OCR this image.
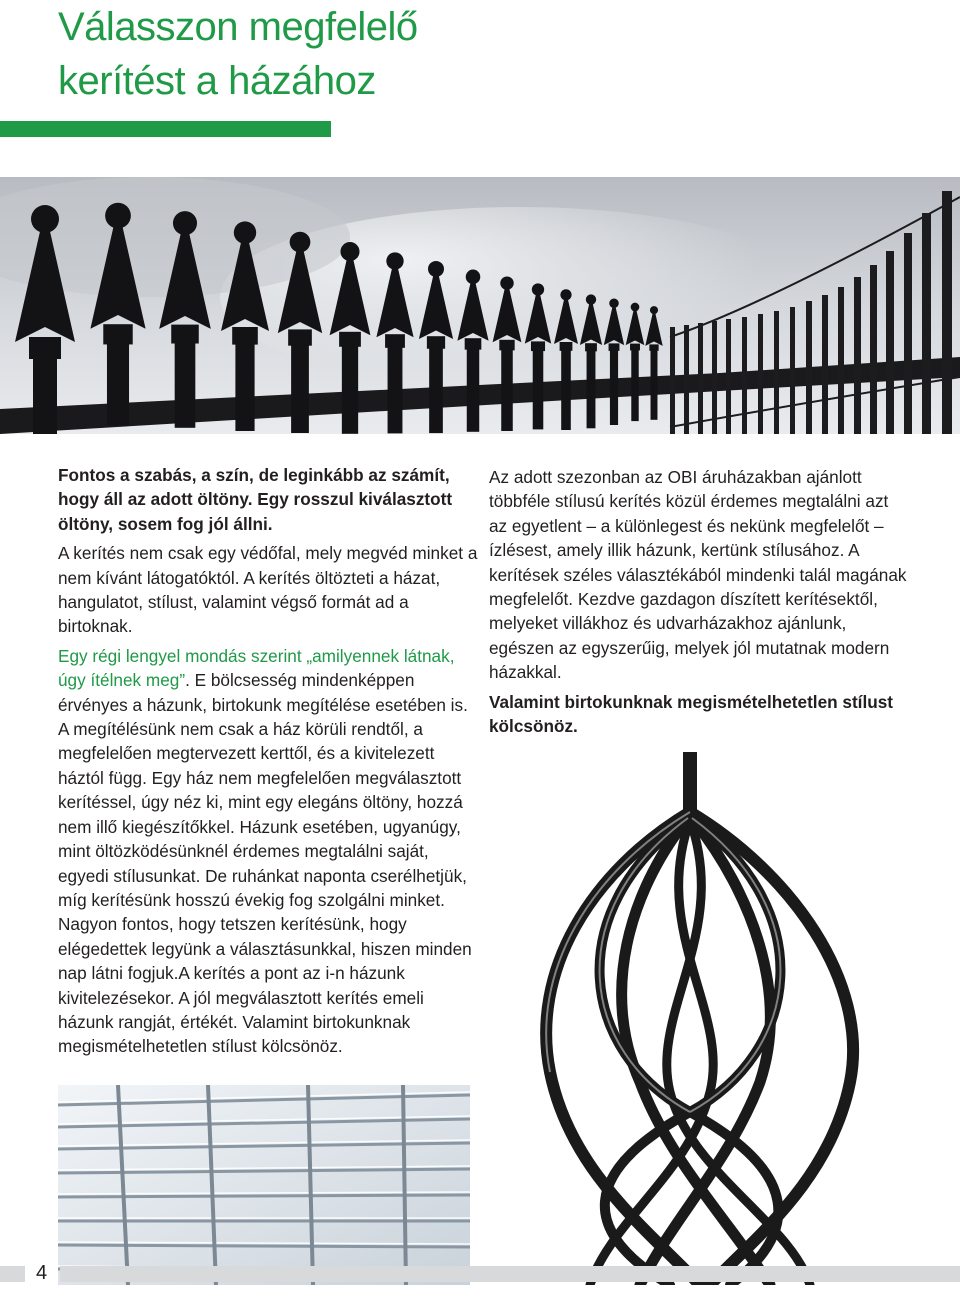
Válasszon megfelelő
kerítést a házához

Fontos a szabás, a szín, de leginkább az számít, hogy áll az adott öltöny. Egy rosszul kiválasztott öltöny, sosem fog jól állni.

A kerítés nem csak egy védőfal, mely megvéd minket a nem kívánt látogatóktól. A kerítés öltözteti a házat, hangulatot, stílust, valamint végső formát ad a birtoknak.

Egy régi lengyel mondás szerint „amilyennek látnak, úgy ítélnek meg”. E bölcsesség mindenképpen érvényes a házunk, birtokunk megítélése esetében is. A megítélésünk nem csak a ház körüli rendtől, a megfelelően megtervezett kerttől, és a kivitelezett háztól függ. Egy ház nem megfelelően megválasztott kerítéssel, úgy néz ki, mint egy elegáns öltöny, hozzá nem illő kiegészítőkkel. Házunk esetében, ugyanúgy, mint öltözködésünknél érdemes megtalálni saját, egyedi stílusunkat. De ruhánkat naponta cserélhetjük, míg kerítésünk hosszú évekig fog szolgálni minket. Nagyon fontos, hogy tetszen kerítésünk, hogy elégedettek legyünk a választásunkkal, hiszen minden nap látni fogjuk.A kerítés a pont az i-n házunk kivitelezésekor. A jól megválasztott kerítés emeli házunk rangját, értékét. Valamint birtokunknak megismételhetetlen stílust kölcsönöz.

Az adott szezonban az OBI áruházakban ajánlott többféle stílusú kerítés közül érdemes megtalálni azt az egyetlent – a különlegest és nekünk megfelelőt –ízlésest, amely illik házunk, kertünk stílusához. A kerítések széles választékából mindenki talál magának megfelelőt. Kezdve gazdagon díszített kerítésektől, melyeket villákhoz és udvarházakhoz ajánlunk, egészen az egyszerűig, melyek jól mutatnak modern házakkal.

Valamint birtokunknak megismételhetetlen stílust kölcsönöz.

4
